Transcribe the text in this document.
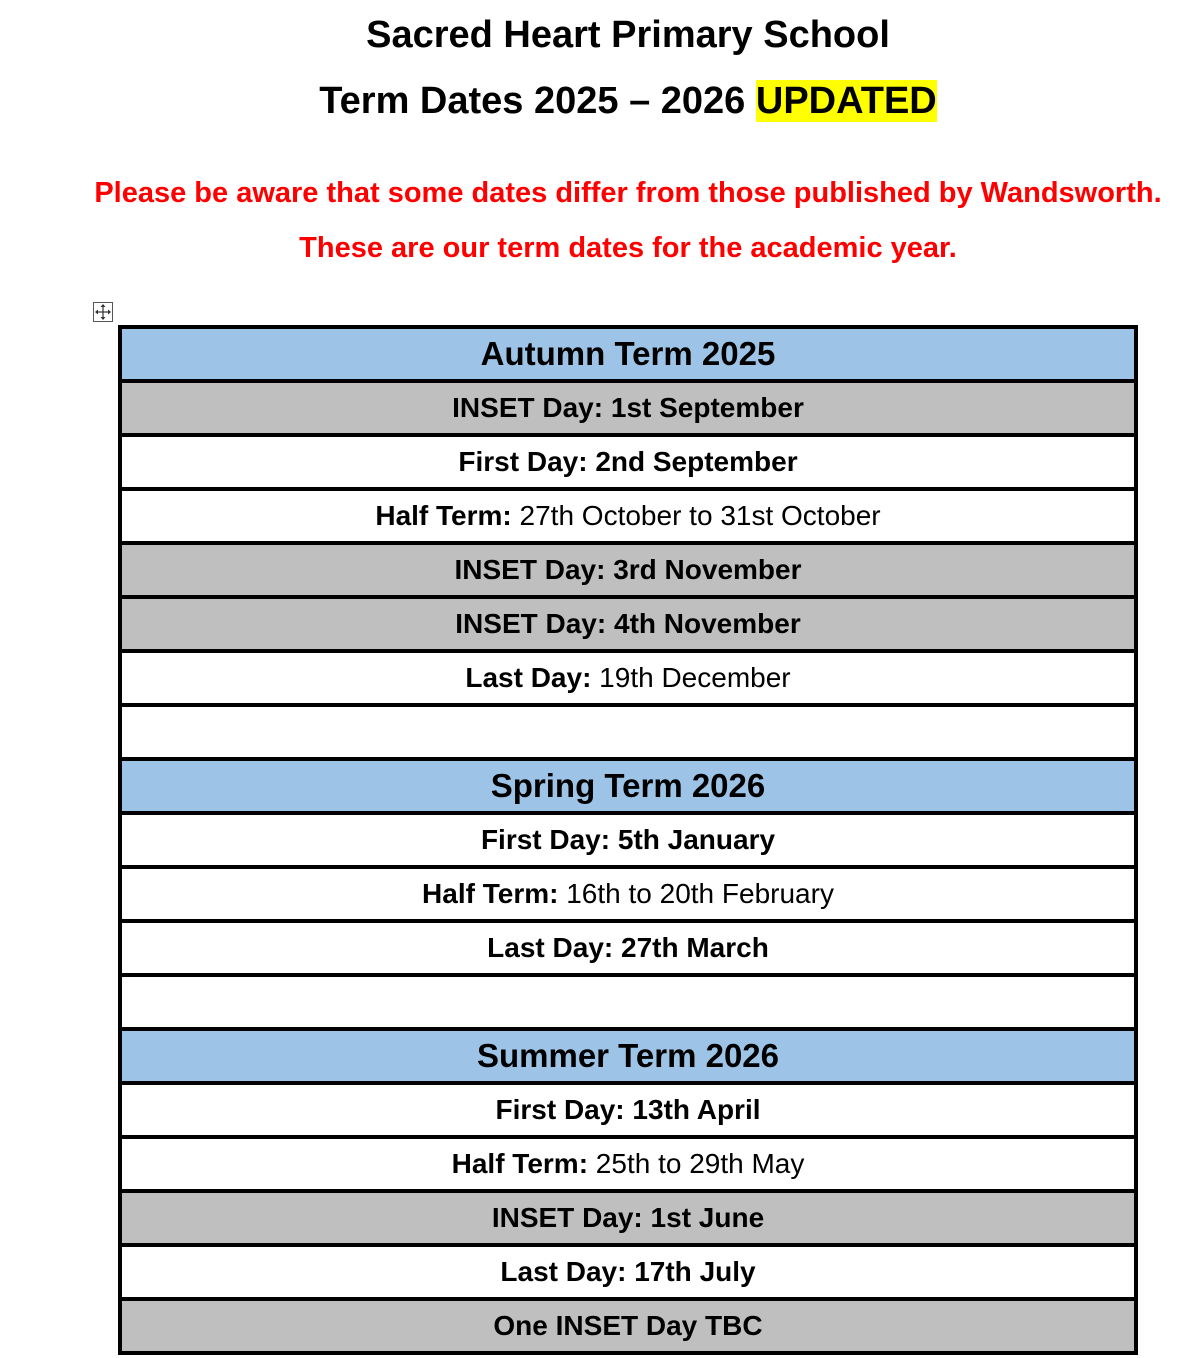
Sacred Heart Primary School
Term Dates 2025 – 2026 UPDATED
Please be aware that some dates differ from those published by Wandsworth.
These are our term dates for the academic year.
Autumn Term 2025
INSET Day: 1st September
First Day: 2nd September
Half Term: 27th October to 31st October
INSET Day: 3rd November
INSET Day: 4th November
Last Day: 19th December

Spring Term 2026
First Day: 5th January
Half Term: 16th to 20th February
Last Day: 27th March

Summer Term 2026
First Day: 13th April
Half Term: 25th to 29th May
INSET Day: 1st June
Last Day: 17th July
One INSET Day TBC
